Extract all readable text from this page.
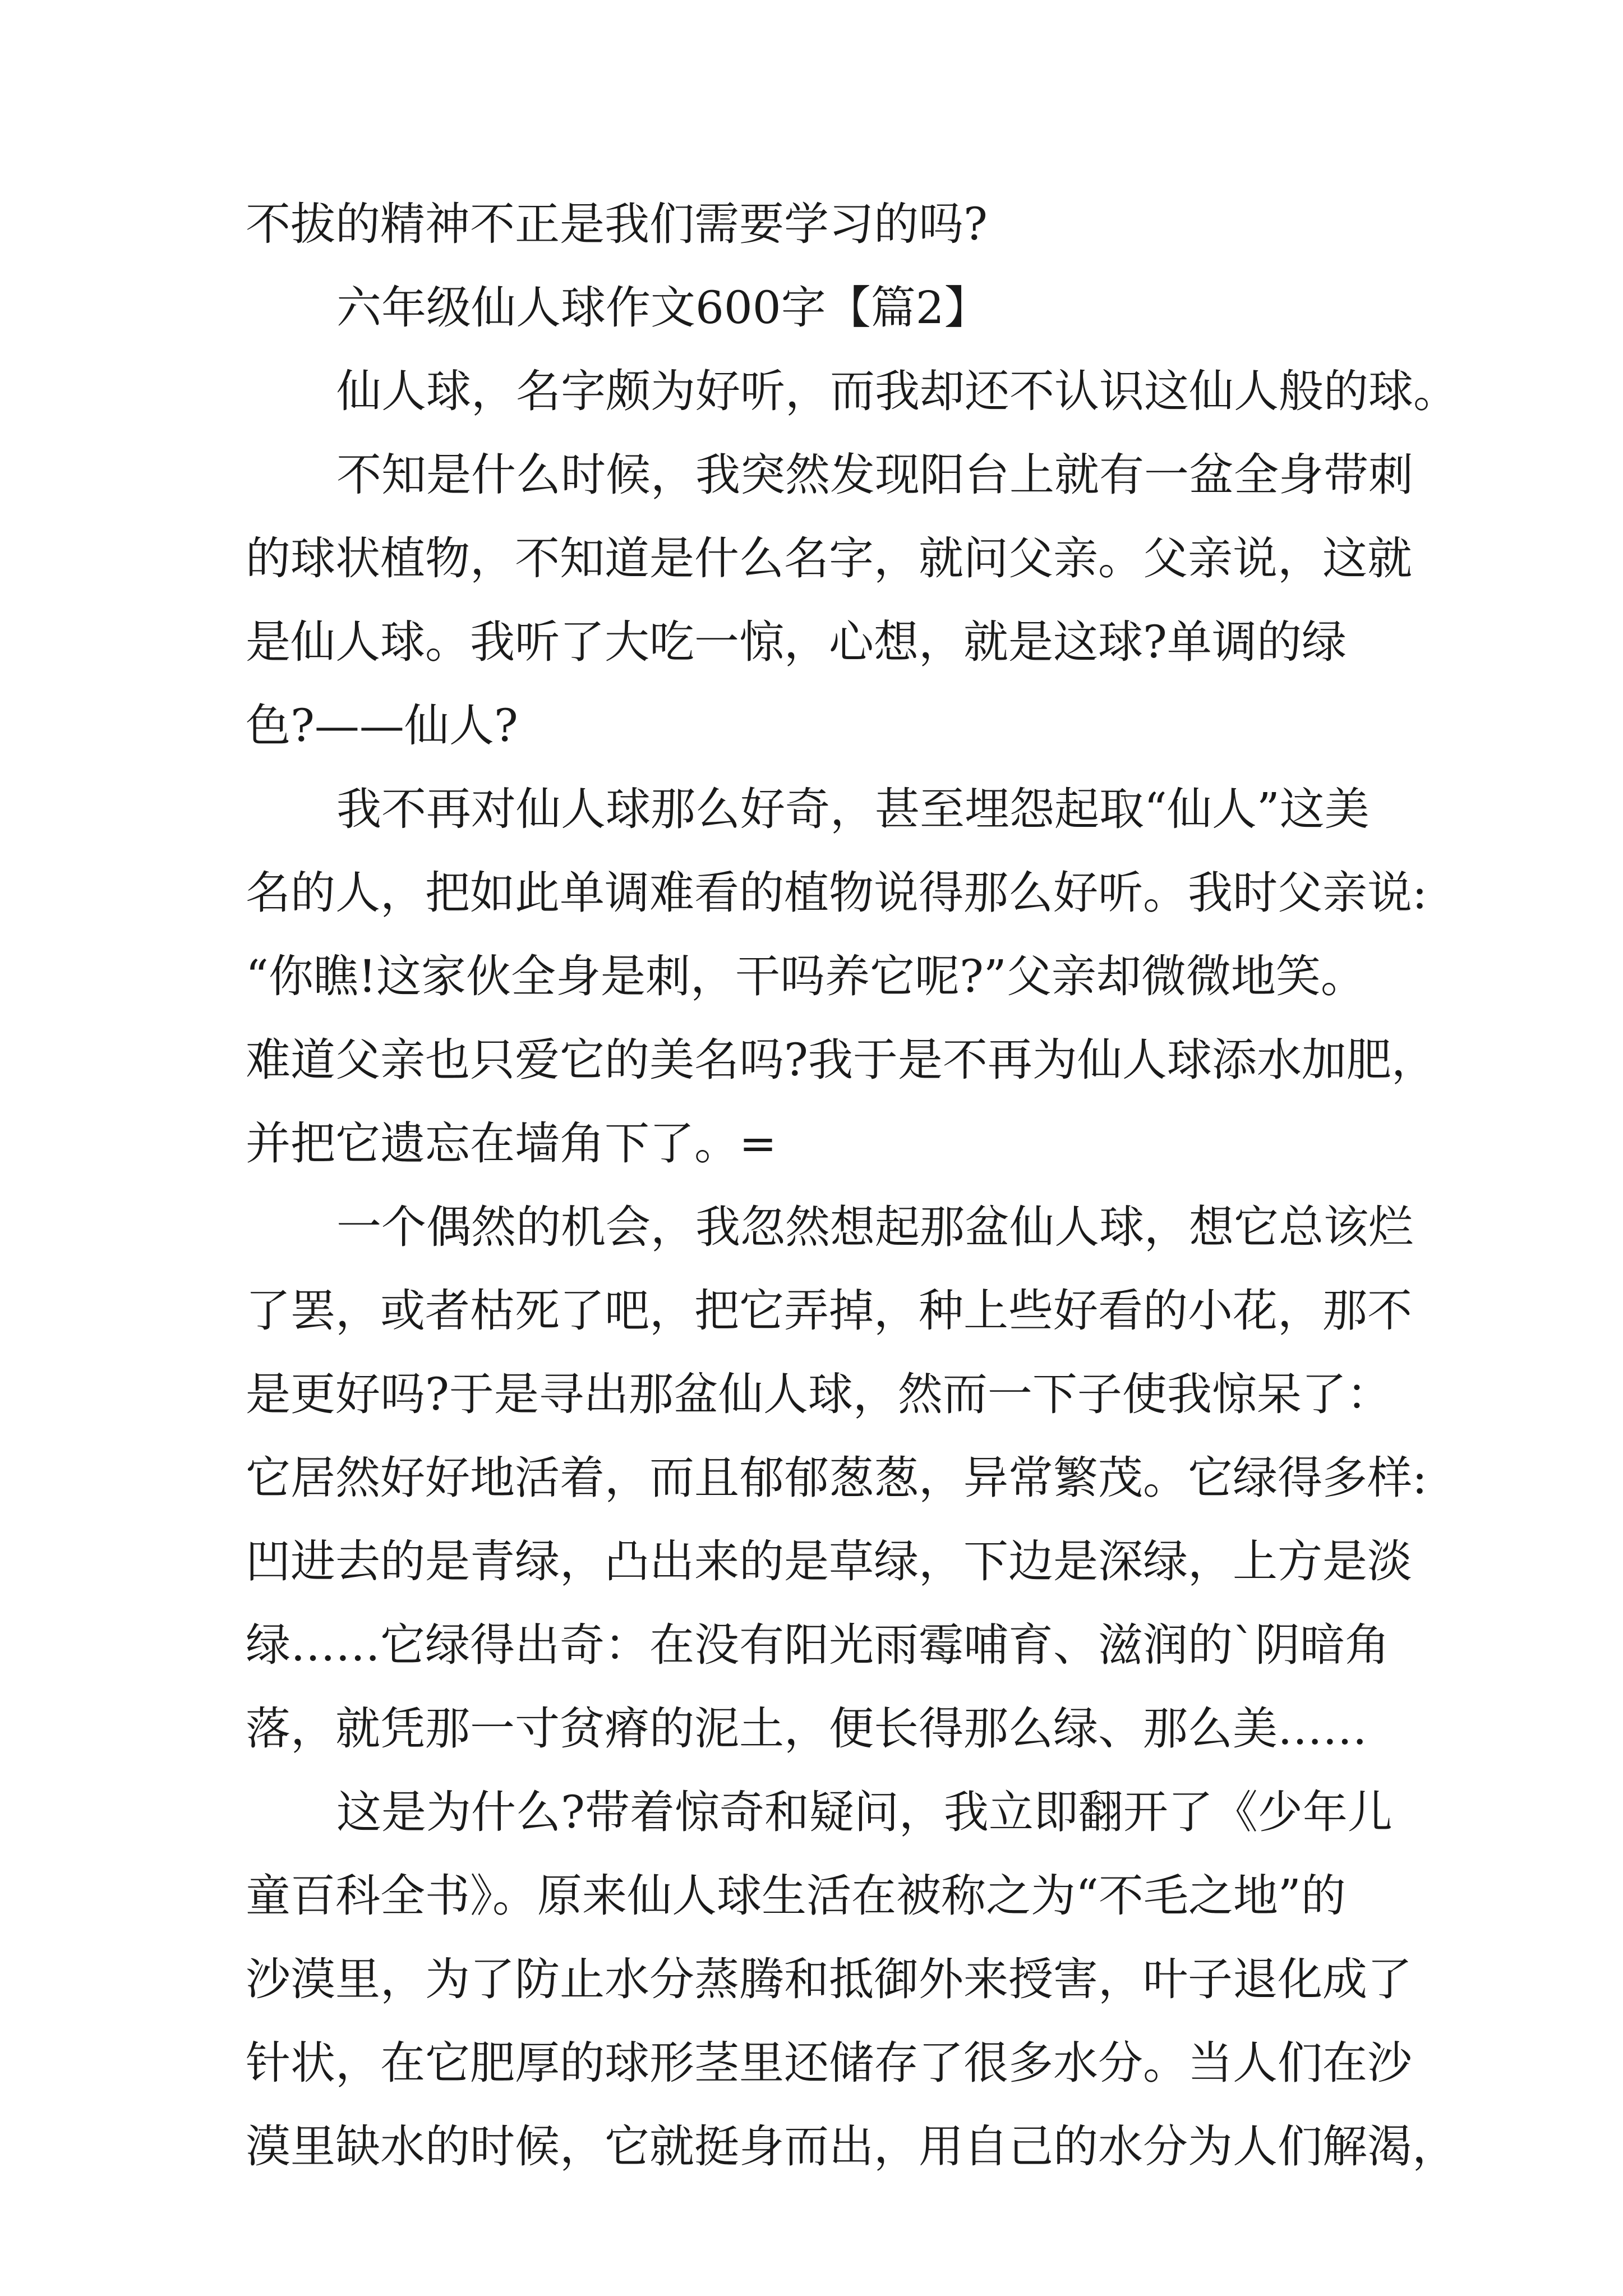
不拔的精神不正是我们需要学习的吗?
六年级仙人球作文600字【篇2】
仙人球，名字颇为好听，而我却还不认识这仙人般的球。
不知是什么时候，我突然发现阳台上就有一盆全身带刺
的球状植物，不知道是什么名字，就问父亲。父亲说，这就
是仙人球。我听了大吃一惊，心想，就是这球?单调的绿
色?——仙人?
我不再对仙人球那么好奇，甚至埋怨起取“仙人”这美
名的人，把如此单调难看的植物说得那么好听。我时父亲说:
“你瞧!这家伙全身是刺，干吗养它呢?”父亲却微微地笑。
难道父亲也只爱它的美名吗?我于是不再为仙人球添水加肥，
并把它遗忘在墙角下了。=
一个偶然的机会，我忽然想起那盆仙人球，想它总该烂
了罢，或者枯死了吧，把它弄掉，种上些好看的小花，那不
是更好吗?于是寻出那盆仙人球，然而一下子使我惊呆了：
它居然好好地活着，而且郁郁葱葱，异常繁茂。它绿得多样:
凹进去的是青绿，凸出来的是草绿，下边是深绿，上方是淡
绿……它绿得出奇：在没有阳光雨霉哺育、滋润的`阴暗角
落，就凭那一寸贫瘠的泥土，便长得那么绿、那么美……
这是为什么?带着惊奇和疑问，我立即翻开了《少年儿
童百科全书》。原来仙人球生活在被称之为“不毛之地”的
沙漠里，为了防止水分蒸腾和抵御外来授害，叶子退化成了
针状，在它肥厚的球形茎里还储存了很多水分。当人们在沙
漠里缺水的时候，它就挺身而出，用自己的水分为人们解渴，
